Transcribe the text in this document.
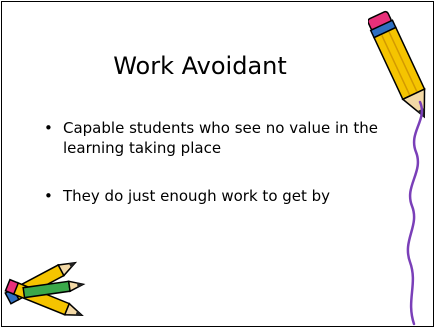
Work Avoidant
• Capable students who see no value in the learning taking place
• They do just enough work to get by
